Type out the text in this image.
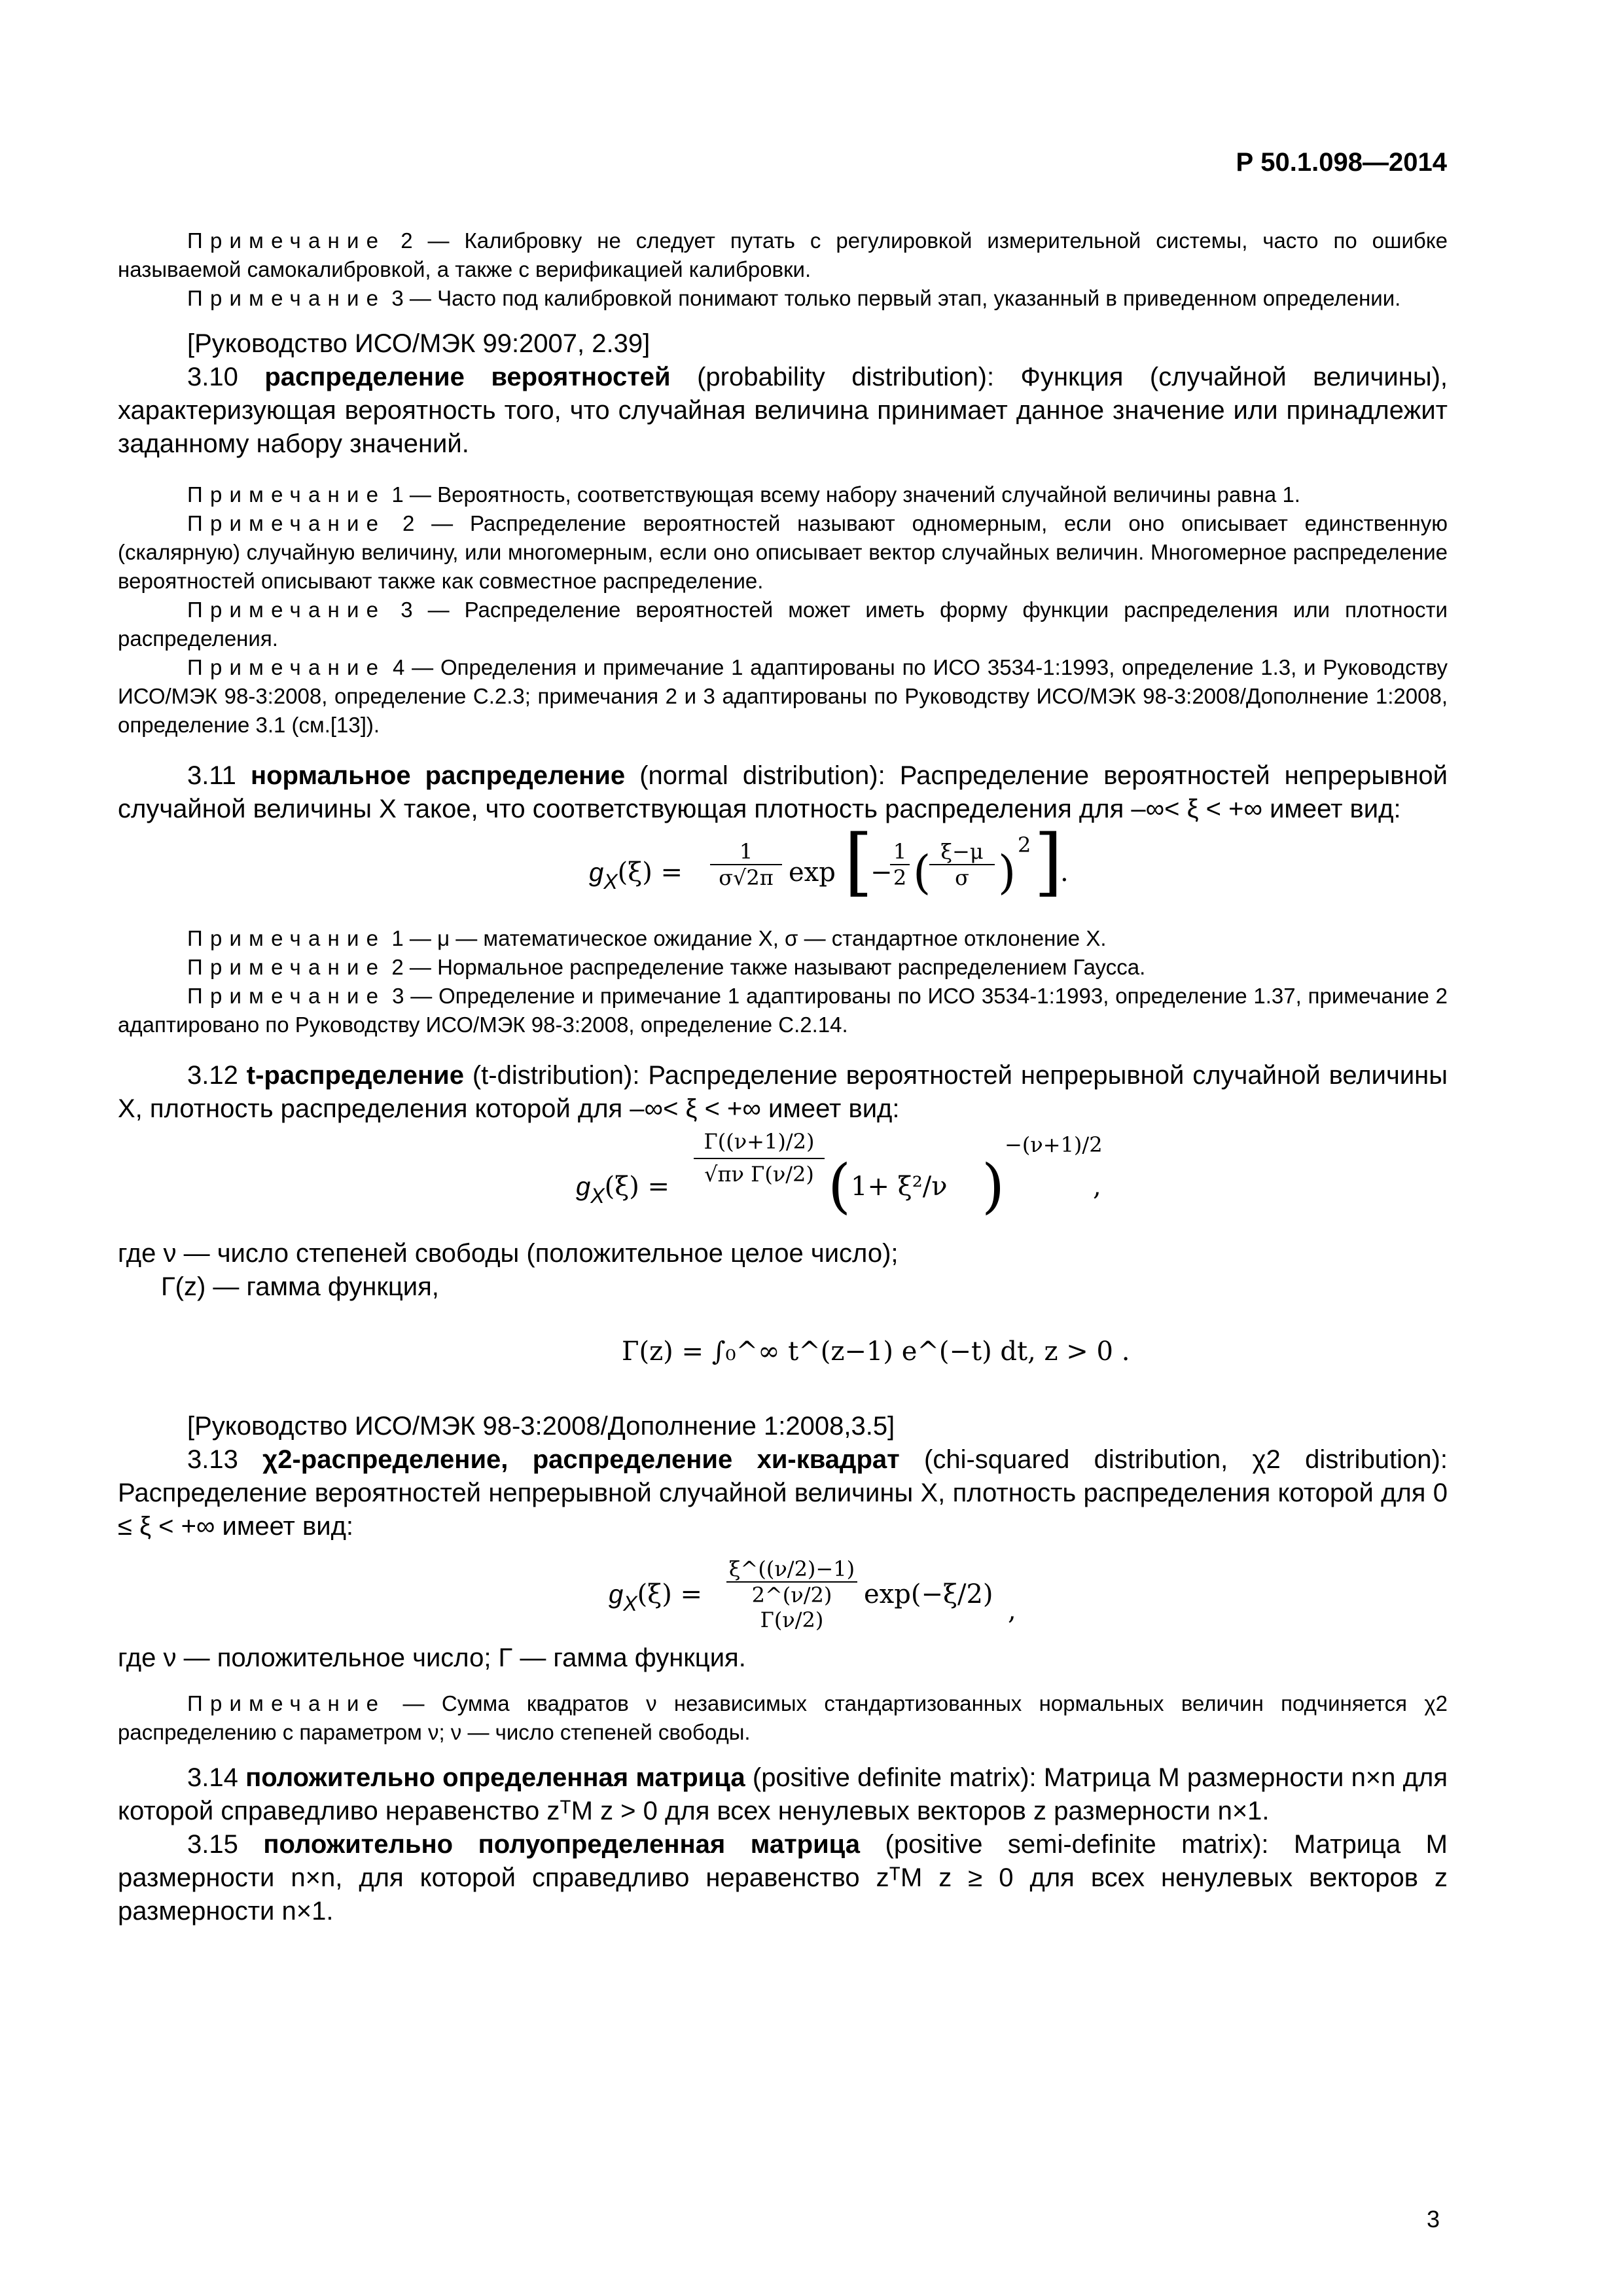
Р 50.1.098—2014

Примечание 2 — Калибровку не следует путать с регулировкой измерительной системы, часто по ошибке называемой самокалибровкой, а также с верификацией калибровки.

Примечание 3 — Часто под калибровкой понимают только первый этап, указанный в приведенном определении.

[Руководство ИСО/МЭК 99:2007, 2.39]

3.10 распределение вероятностей (probability distribution): Функция (случайной величины), характеризующая вероятность того, что случайная величина принимает данное значение или принадлежит заданному набору значений.

Примечание 1 — Вероятность, соответствующая всему набору значений случайной величины равна 1.

Примечание 2 — Распределение вероятностей называют одномерным, если оно описывает единственную (скалярную) случайную величину, или многомерным, если оно описывает вектор случайных величин. Многомерное распределение вероятностей описывают также как совместное распределение.

Примечание 3 — Распределение вероятностей может иметь форму функции распределения или плотности распределения.

Примечание 4 — Определения и примечание 1 адаптированы по ИСО 3534-1:1993, определение 1.3, и Руководству ИСО/МЭК 98-3:2008, определение С.2.3; примечания 2 и 3 адаптированы по Руководству ИСО/МЭК 98-3:2008/Дополнение 1:2008, определение 3.1 (см.[13]).

3.11 нормальное распределение (normal distribution): Распределение вероятностей непрерывной случайной величины X такое, что соответствующая плотность распределения для –∞< ξ < +∞ имеет вид:

$g_X(\xi) = \frac{1}{\sigma√2\pi}$ exp [
−
$\frac{1}{2}$ (
$\frac{\xi-\mu}{\sigma}$ )
2 ]
.

Примечание 1 — μ — математическое ожидание X, σ — стандартное отклонение X.

Примечание 2 — Нормальное распределение также называют распределением Гаусса.

Примечание 3 — Определение и примечание 1 адаптированы по ИСО 3534-1:1993, определение 1.37, примечание 2 адаптировано по Руководству ИСО/МЭК 98-3:2008, определение С.2.14.

3.12 t-распределение (t-distribution): Распределение вероятностей непрерывной случайной величины X, плотность распределения которой для –∞< ξ < +∞ имеет вид:

$g_X(\xi)$ =
Г((ν+1)/2)
√πν Г(ν/2) ( 1+ ξ²/ν )
−(ν+1)/2
,

где ν — число степеней свободы (положительное целое число);

Г(z) — гамма функция,

Г(z) = ∫₀^∞ t^(z−1) e^(−t) dt, z > 0 .

[Руководство ИСО/МЭК 98-3:2008/Дополнение 1:2008,3.5]

3.13 χ2-распределение, распределение хи-квадрат (chi-squared distribution, χ2 distribution): Распределение вероятностей непрерывной случайной величины X, плотность распределения которой для 0 ≤ ξ < +∞ имеет вид:

$g_X(\xi)$ =
ξ^((ν/2)−1)
2^(ν/2) Г(ν/2)
exp(−ξ/2)
,

где ν — положительное число; Г — гамма функция.

Примечание — Сумма квадратов ν независимых стандартизованных нормальных величин подчиняется χ2 распределению с параметром ν; ν — число степеней свободы.

3.14 положительно определенная матрица (positive definite matrix): Матрица M размерности n×n для которой справедливо неравенство zᵀM z > 0 для всех ненулевых векторов z размерности n×1.

3.15 положительно полуопределенная матрица (positive semi-definite matrix): Матрица M размерности n×n, для которой справедливо неравенство zᵀM z ≥ 0 для всех ненулевых векторов z размерности n×1.

3
